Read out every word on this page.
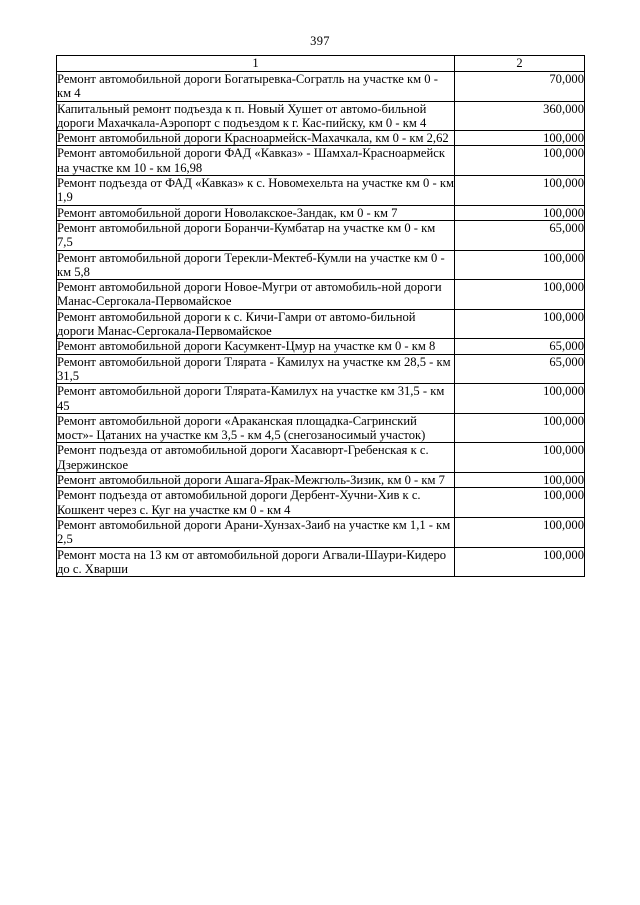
397
1	2
Ремонт автомобильной дороги Богатыревка-Согратль на участке км 0 - км 4	70,000
Капитальный ремонт подъезда к п. Новый Хушет от автомо-бильной дороги Махачкала-Аэропорт с подъездом к г. Кас-пийску, км 0 - км 4	360,000
Ремонт автомобильной дороги Красноармейск-Махачкала, км 0 - км 2,62	100,000
Ремонт автомобильной дороги ФАД «Кавказ» - Шамхал-Красноармейск на участке км 10 - км 16,98	100,000
Ремонт подъезда от ФАД «Кавказ» к с. Новомехельта на участке км 0 - км 1,9	100,000
Ремонт автомобильной дороги Новолакское-Зандак, км 0 - км 7	100,000
Ремонт автомобильной дороги Боранчи-Кумбатар на участке км 0 - км 7,5	65,000
Ремонт автомобильной дороги Терекли-Мектеб-Кумли на участке км 0 - км 5,8	100,000
Ремонт автомобильной дороги Новое-Мугри от автомобиль-ной дороги Манас-Сергокала-Первомайское	100,000
Ремонт автомобильной дороги к с. Кичи-Гамри от автомо-бильной дороги Манас-Сергокала-Первомайское	100,000
Ремонт автомобильной дороги Касумкент-Цмур на участке км 0 - км 8	65,000
Ремонт автомобильной дороги Тлярата - Камилух на участке км 28,5 - км 31,5	65,000
Ремонт автомобильной дороги Тлярата-Камилух на участке км 31,5 - км 45	100,000
Ремонт автомобильной дороги «Араканская площадка-Сагринский мост»- Цатаних на участке км 3,5 - км 4,5 (снегозаносимый участок)	100,000
Ремонт подъезда от автомобильной дороги Хасавюрт-Гребенская к с. Дзержинское	100,000
Ремонт автомобильной дороги Ашага-Ярак-Межгюль-Зизик, км 0 - км 7	100,000
Ремонт подъезда от автомобильной дороги Дербент-Хучни-Хив к с. Кошкент через с. Куг на участке км 0 - км 4	100,000
Ремонт автомобильной дороги Арани-Хунзах-Заиб на участке км 1,1 - км 2,5	100,000
Ремонт моста на 13 км от автомобильной дороги Агвали-Шаури-Кидеро до с. Хварши	100,000
